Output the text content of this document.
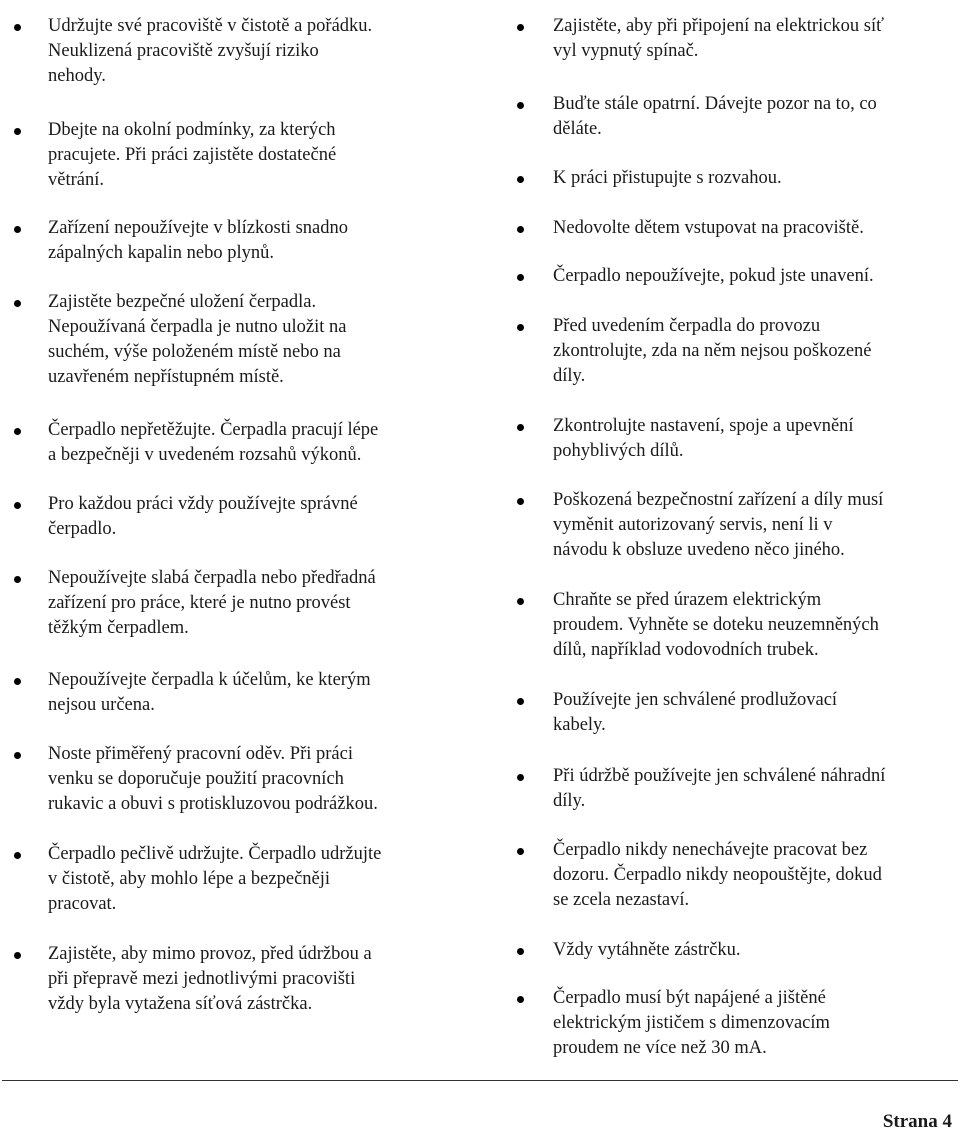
Udržujte své pracoviště v čistotě a pořádku.
Neuklizená pracoviště zvyšují riziko
nehody.
Dbejte na okolní podmínky, za kterých
pracujete. Při práci zajistěte dostatečné
větrání.
Zařízení nepoužívejte v blízkosti snadno
zápalných kapalin nebo plynů.
Zajistěte bezpečné uložení čerpadla.
Nepoužívaná čerpadla je nutno uložit na
suchém, výše položeném místě nebo na
uzavřeném nepřístupném místě.
Čerpadlo nepřetěžujte. Čerpadla pracují lépe
a bezpečněji v uvedeném rozsahů výkonů.
Pro každou práci vždy používejte správné
čerpadlo.
Nepoužívejte slabá čerpadla nebo předřadná
zařízení pro práce, které je nutno provést
těžkým čerpadlem.
Nepoužívejte čerpadla k účelům, ke kterým
nejsou určena.
Noste přiměřený pracovní oděv. Při práci
venku se doporučuje použití pracovních
rukavic a obuvi s protiskluzovou podrážkou.
Čerpadlo pečlivě udržujte. Čerpadlo udržujte
v čistotě, aby mohlo lépe a bezpečněji
pracovat.
Zajistěte, aby mimo provoz, před údržbou a
při přepravě mezi jednotlivými pracovišti
vždy byla vytažena síťová zástrčka.
Zajistěte, aby při připojení na elektrickou síť
vyl vypnutý spínač.
Buďte stále opatrní. Dávejte pozor na to, co
děláte.
K práci přistupujte s rozvahou.
Nedovolte dětem vstupovat na pracoviště.
Čerpadlo nepoužívejte, pokud jste unavení.
Před uvedením čerpadla do provozu
zkontrolujte, zda na něm nejsou poškozené
díly.
Zkontrolujte nastavení, spoje a upevnění
pohyblivých dílů.
Poškozená bezpečnostní zařízení a díly musí
vyměnit autorizovaný servis, není li v
návodu k obsluze uvedeno něco jiného.
Chraňte se před úrazem elektrickým
proudem. Vyhněte se doteku neuzemněných
dílů, například vodovodních trubek.
Používejte jen schválené prodlužovací
kabely.
Při údržbě používejte jen schválené náhradní
díly.
Čerpadlo nikdy nenechávejte pracovat bez
dozoru. Čerpadlo nikdy neopouštějte, dokud
se zcela nezastaví.
Vždy vytáhněte zástrčku.
Čerpadlo musí být napájené a jištěné
elektrickým jističem s dimenzovacím
proudem ne více než 30 mA.
Strana 4
